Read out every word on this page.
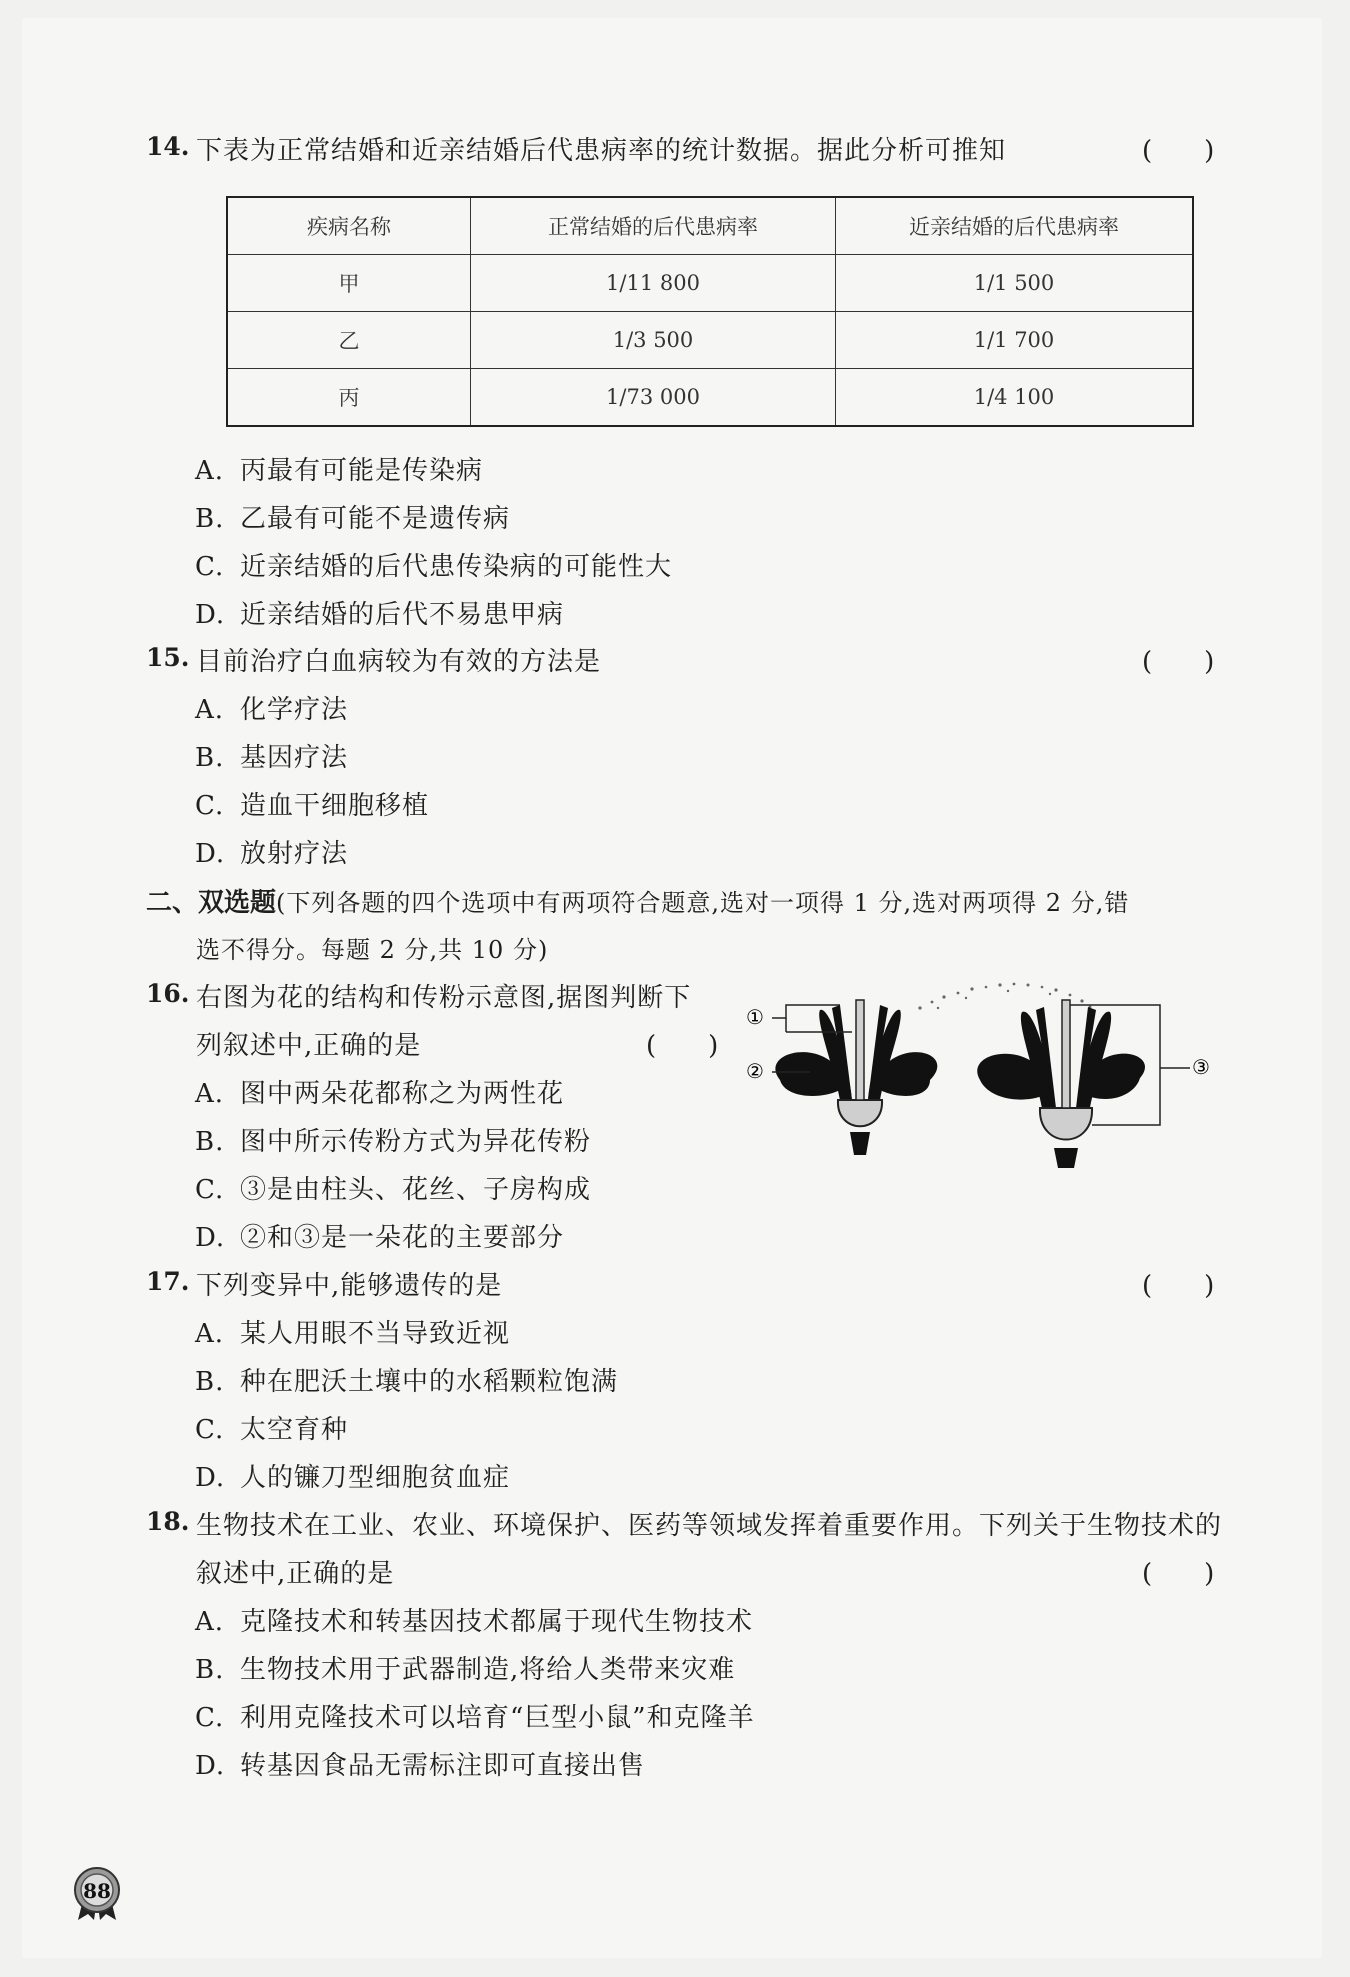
14. 下表为正常结婚和近亲结婚后代患病率的统计数据。据此分析可推知	(　　)
疾病名称	正常结婚的后代患病率	近亲结婚的后代患病率
甲	1/11 800	1/1 500
乙	1/3 500	1/1 700
丙	1/73 000	1/4 100
A. 丙最有可能是传染病
B. 乙最有可能不是遗传病
C. 近亲结婚的后代患传染病的可能性大
D. 近亲结婚的后代不易患甲病
15. 目前治疗白血病较为有效的方法是	(　　)
A. 化学疗法
B. 基因疗法
C. 造血干细胞移植
D. 放射疗法
二、双选题(下列各题的四个选项中有两项符合题意,选对一项得 1 分,选对两项得 2 分,错
选不得分。每题 2 分,共 10 分)
16. 右图为花的结构和传粉示意图,据图判断下
列叙述中,正确的是	(　　)
①
②	③
A. 图中两朵花都称之为两性花
B. 图中所示传粉方式为异花传粉
C. ③是由柱头、花丝、子房构成
D. ②和③是一朵花的主要部分
17. 下列变异中,能够遗传的是	(　　)
A. 某人用眼不当导致近视
B. 种在肥沃土壤中的水稻颗粒饱满
C. 太空育种
D. 人的镰刀型细胞贫血症
18. 生物技术在工业、农业、环境保护、医药等领域发挥着重要作用。下列关于生物技术的
叙述中,正确的是	(　　)
A. 克隆技术和转基因技术都属于现代生物技术
B. 生物技术用于武器制造,将给人类带来灾难
C. 利用克隆技术可以培育“巨型小鼠”和克隆羊
D. 转基因食品无需标注即可直接出售
88
